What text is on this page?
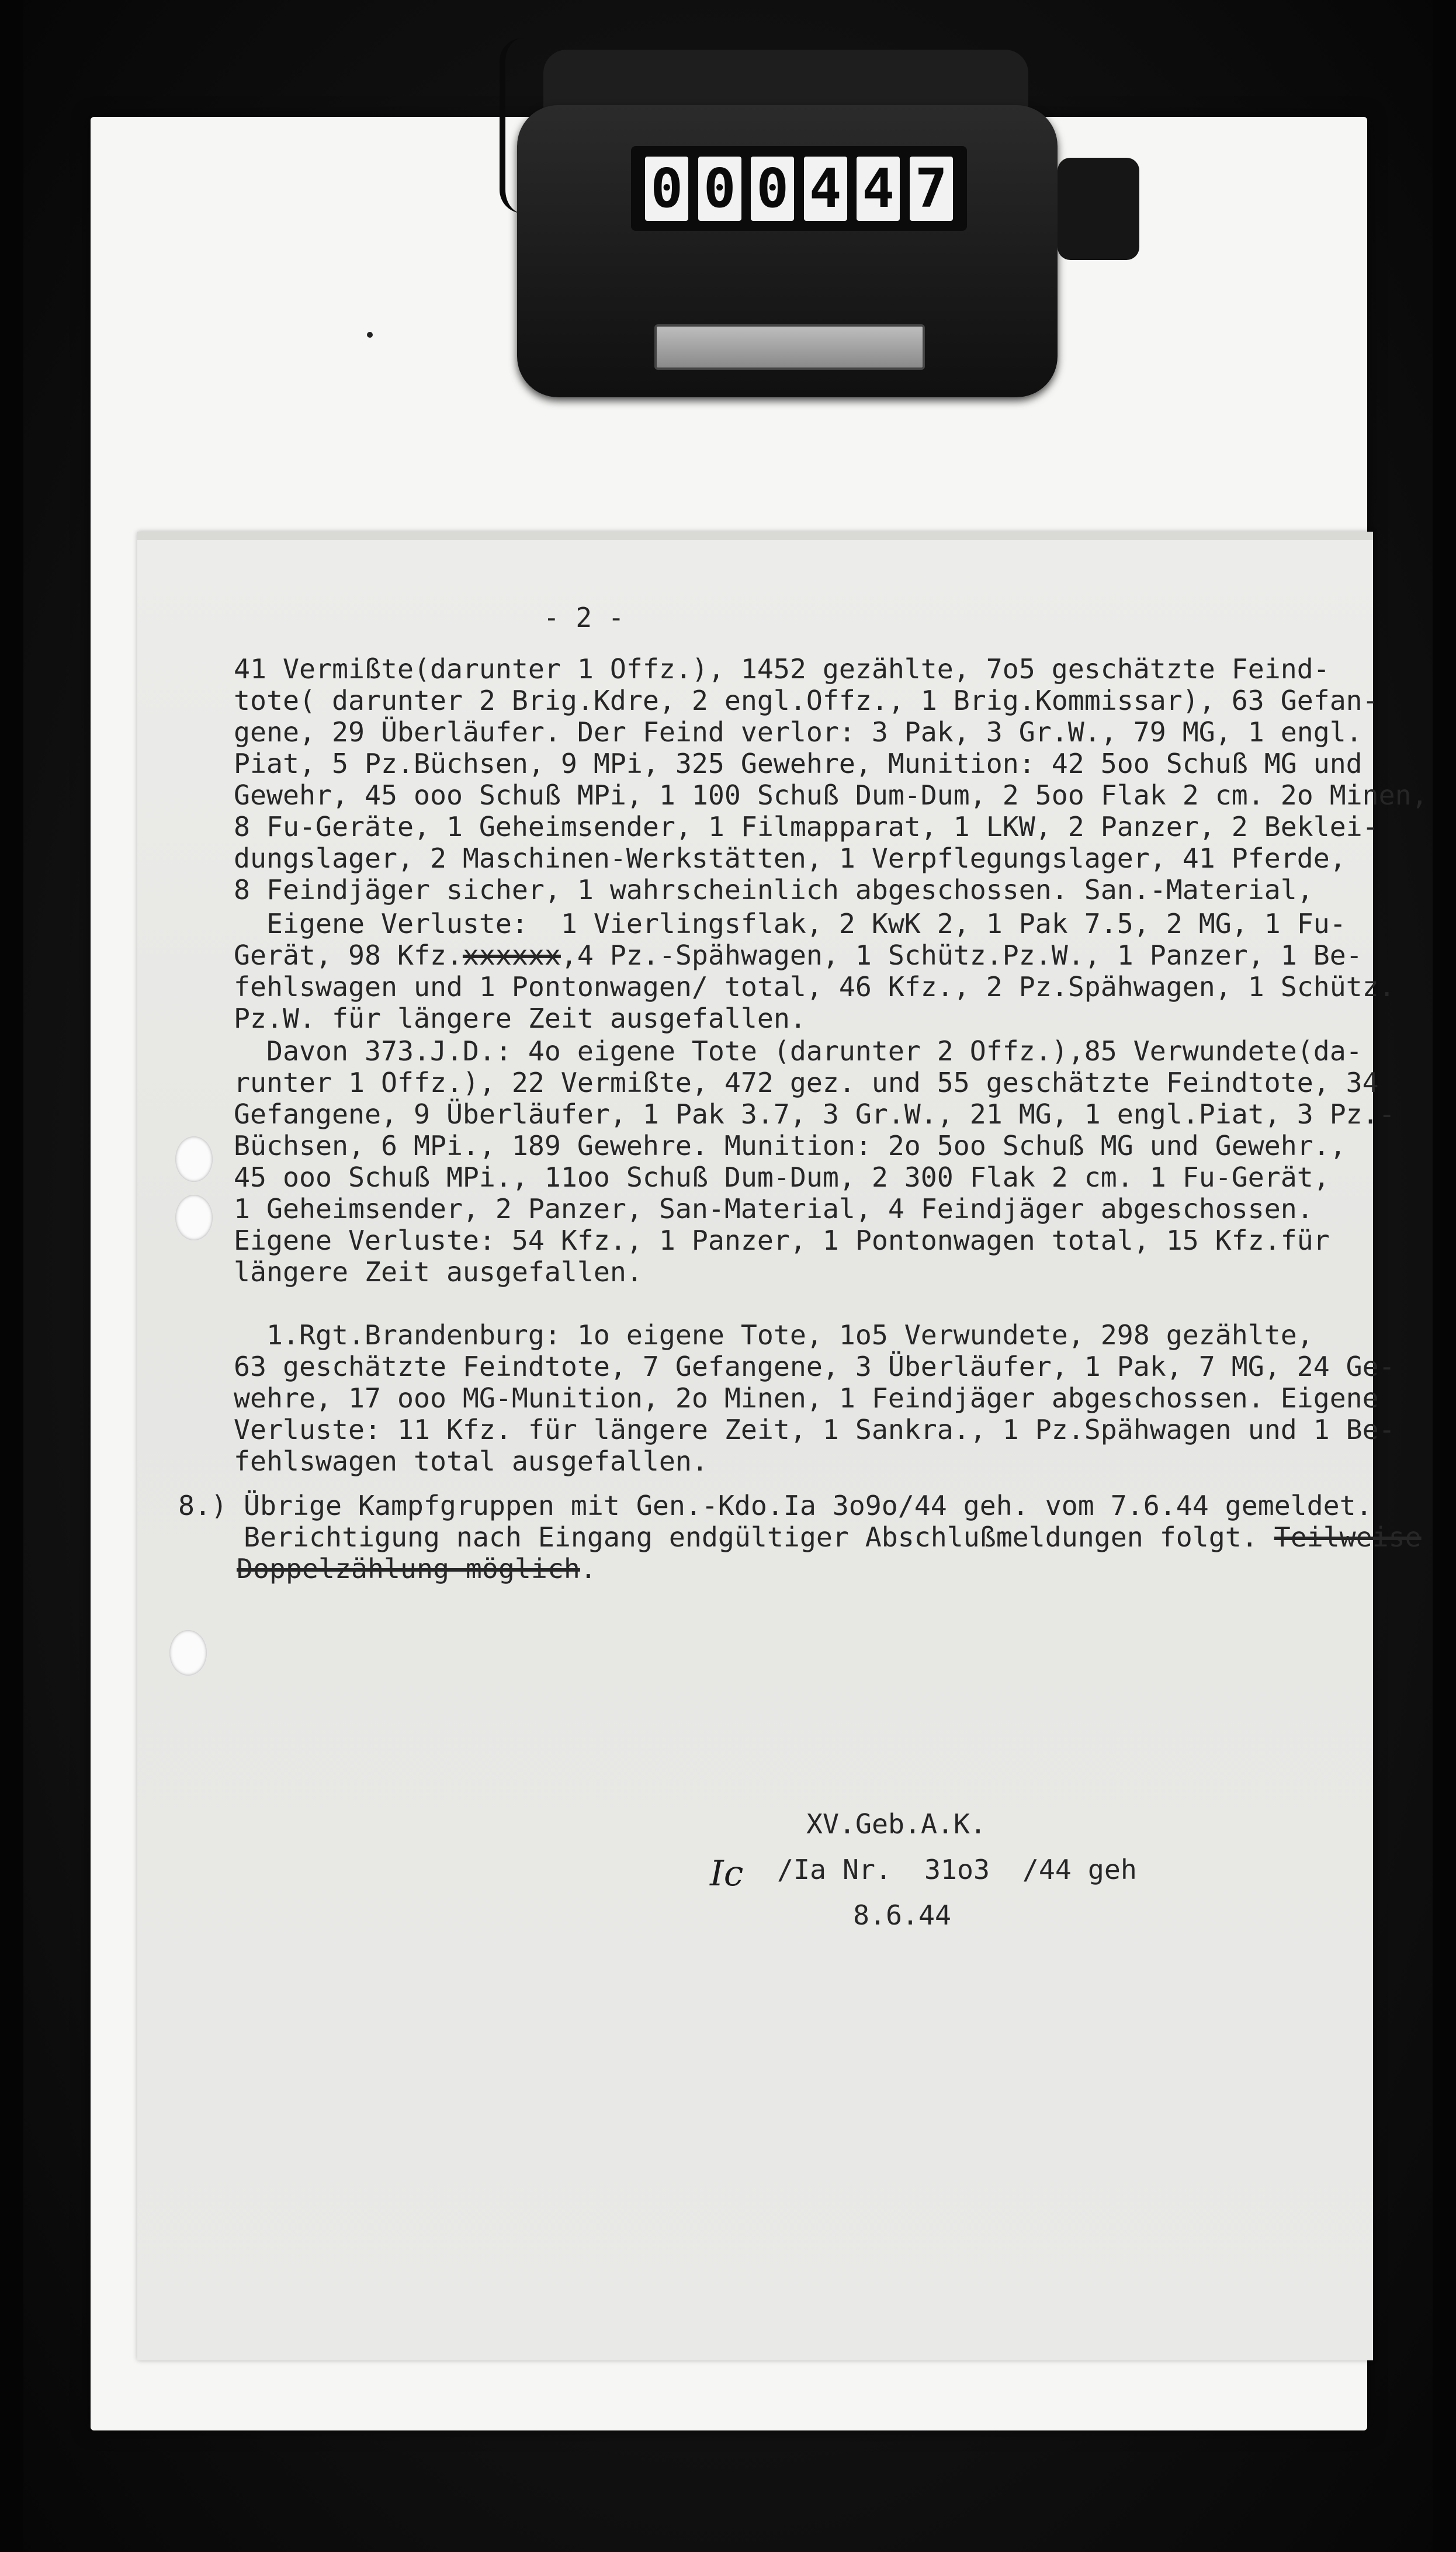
0 0 0 4 4 7
- 2 -

41 Vermißte(darunter 1 Offz.), 1452 gezählte, 7o5 geschätzte Feind-

tote( darunter 2 Brig.Kdre, 2 engl.Offz., 1 Brig.Kommissar), 63 Gefan-

gene, 29 Überläufer. Der Feind verlor: 3 Pak, 3 Gr.W., 79 MG, 1 engl.

Piat, 5 Pz.Büchsen, 9 MPi, 325 Gewehre, Munition: 42 5oo Schuß MG und

Gewehr, 45 ooo Schuß MPi, 1 100 Schuß Dum-Dum, 2 5oo Flak 2 cm. 2o Minen,

8 Fu-Geräte, 1 Geheimsender, 1 Filmapparat, 1 LKW, 2 Panzer, 2 Beklei-

dungslager, 2 Maschinen-Werkstätten, 1 Verpflegungslager, 41 Pferde,

8 Feindjäger sicher, 1 wahrscheinlich abgeschossen. San.-Material,

Eigene Verluste:  1 Vierlingsflak, 2 KwK 2, 1 Pak 7.5, 2 MG, 1 Fu-

Gerät, 98 Kfz.xxxxxx,4 Pz.-Spähwagen, 1 Schütz.Pz.W., 1 Panzer, 1 Be-

fehlswagen und 1 Pontonwagen/ total, 46 Kfz., 2 Pz.Spähwagen, 1 Schütz.

Pz.W. für längere Zeit ausgefallen.

Davon 373.J.D.: 4o eigene Tote (darunter 2 Offz.),85 Verwundete(da-

runter 1 Offz.), 22 Vermißte, 472 gez. und 55 geschätzte Feindtote, 34

Gefangene, 9 Überläufer, 1 Pak 3.7, 3 Gr.W., 21 MG, 1 engl.Piat, 3 Pz.-

Büchsen, 6 MPi., 189 Gewehre. Munition: 2o 5oo Schuß MG und Gewehr.,

45 ooo Schuß MPi., 11oo Schuß Dum-Dum, 2 300 Flak 2 cm. 1 Fu-Gerät,

1 Geheimsender, 2 Panzer, San-Material, 4 Feindjäger abgeschossen.

Eigene Verluste: 54 Kfz., 1 Panzer, 1 Pontonwagen total, 15 Kfz.für

längere Zeit ausgefallen.

1.Rgt.Brandenburg: 1o eigene Tote, 1o5 Verwundete, 298 gezählte,

63 geschätzte Feindtote, 7 Gefangene, 3 Überläufer, 1 Pak, 7 MG, 24 Ge-

wehre, 17 ooo MG-Munition, 2o Minen, 1 Feindjäger abgeschossen. Eigene

Verluste: 11 Kfz. für längere Zeit, 1 Sankra., 1 Pz.Spähwagen und 1 Be-

fehlswagen total ausgefallen.

8.) Übrige Kampfgruppen mit Gen.-Kdo.Ia 3o9o/44 geh. vom 7.6.44 gemeldet.

Berichtigung nach Eingang endgültiger Abschlußmeldungen folgt. Teilweise

Doppelzählung möglich.

XV.Geb.A.K.

/Ia Nr.  31o3  /44 geh

8.6.44

Ic
